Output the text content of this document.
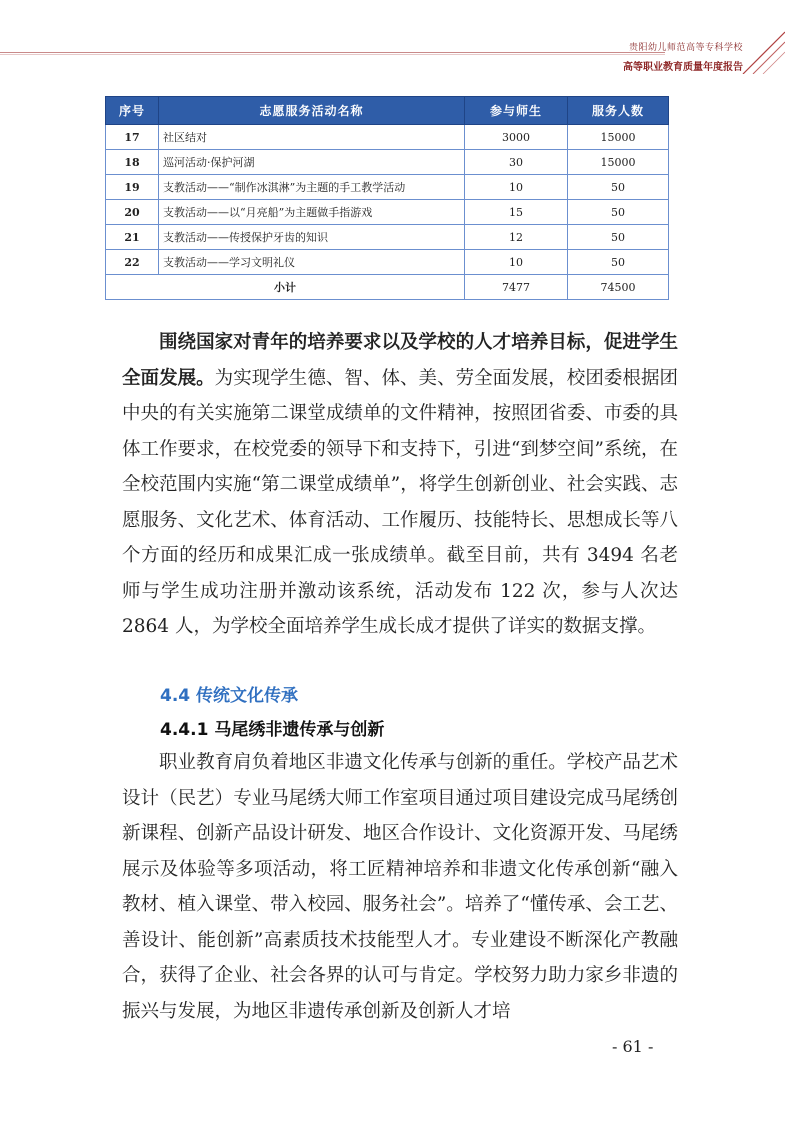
贵阳幼儿师范高等专科学校
高等职业教育质量年度报告
序号	志愿服务活动名称	参与师生	服务人数
17	社区结对	3000	15000
18	巡河活动·保护河湖	30	15000
19	支教活动——“制作冰淇淋”为主题的手工教学活动	10	50
20	支教活动——以“月亮船”为主题做手指游戏	15	50
21	支教活动——传授保护牙齿的知识	12	50
22	支教活动——学习文明礼仪	10	50
小计		7477	74500

围绕国家对青年的培养要求以及学校的人才培养目标，促进学生全面发展。为实现学生德、智、体、美、劳全面发展，校团委根据团中央的有关实施第二课堂成绩单的文件精神，按照团省委、市委的具体工作要求，在校党委的领导下和支持下，引进“到梦空间”系统，在全校范围内实施“第二课堂成绩单”，将学生创新创业、社会实践、志愿服务、文化艺术、体育活动、工作履历、技能特长、思想成长等八个方面的经历和成果汇成一张成绩单。截至目前，共有 3494 名老师与学生成功注册并激动该系统，活动发布 122 次，参与人次达 2864 人，为学校全面培养学生成长成才提供了详实的数据支撑。

4.4 传统文化传承
4.4.1 马尾绣非遗传承与创新

职业教育肩负着地区非遗文化传承与创新的重任。学校产品艺术设计（民艺）专业马尾绣大师工作室项目通过项目建设完成马尾绣创新课程、创新产品设计研发、地区合作设计、文化资源开发、马尾绣展示及体验等多项活动，将工匠精神培养和非遗文化传承创新“融入教材、植入课堂、带入校园、服务社会”。培养了“懂传承、会工艺、善设计、能创新”高素质技术技能型人才。专业建设不断深化产教融合，获得了企业、社会各界的认可与肯定。学校努力助力家乡非遗的振兴与发展，为地区非遗传承创新及创新人才培

- 61 -
